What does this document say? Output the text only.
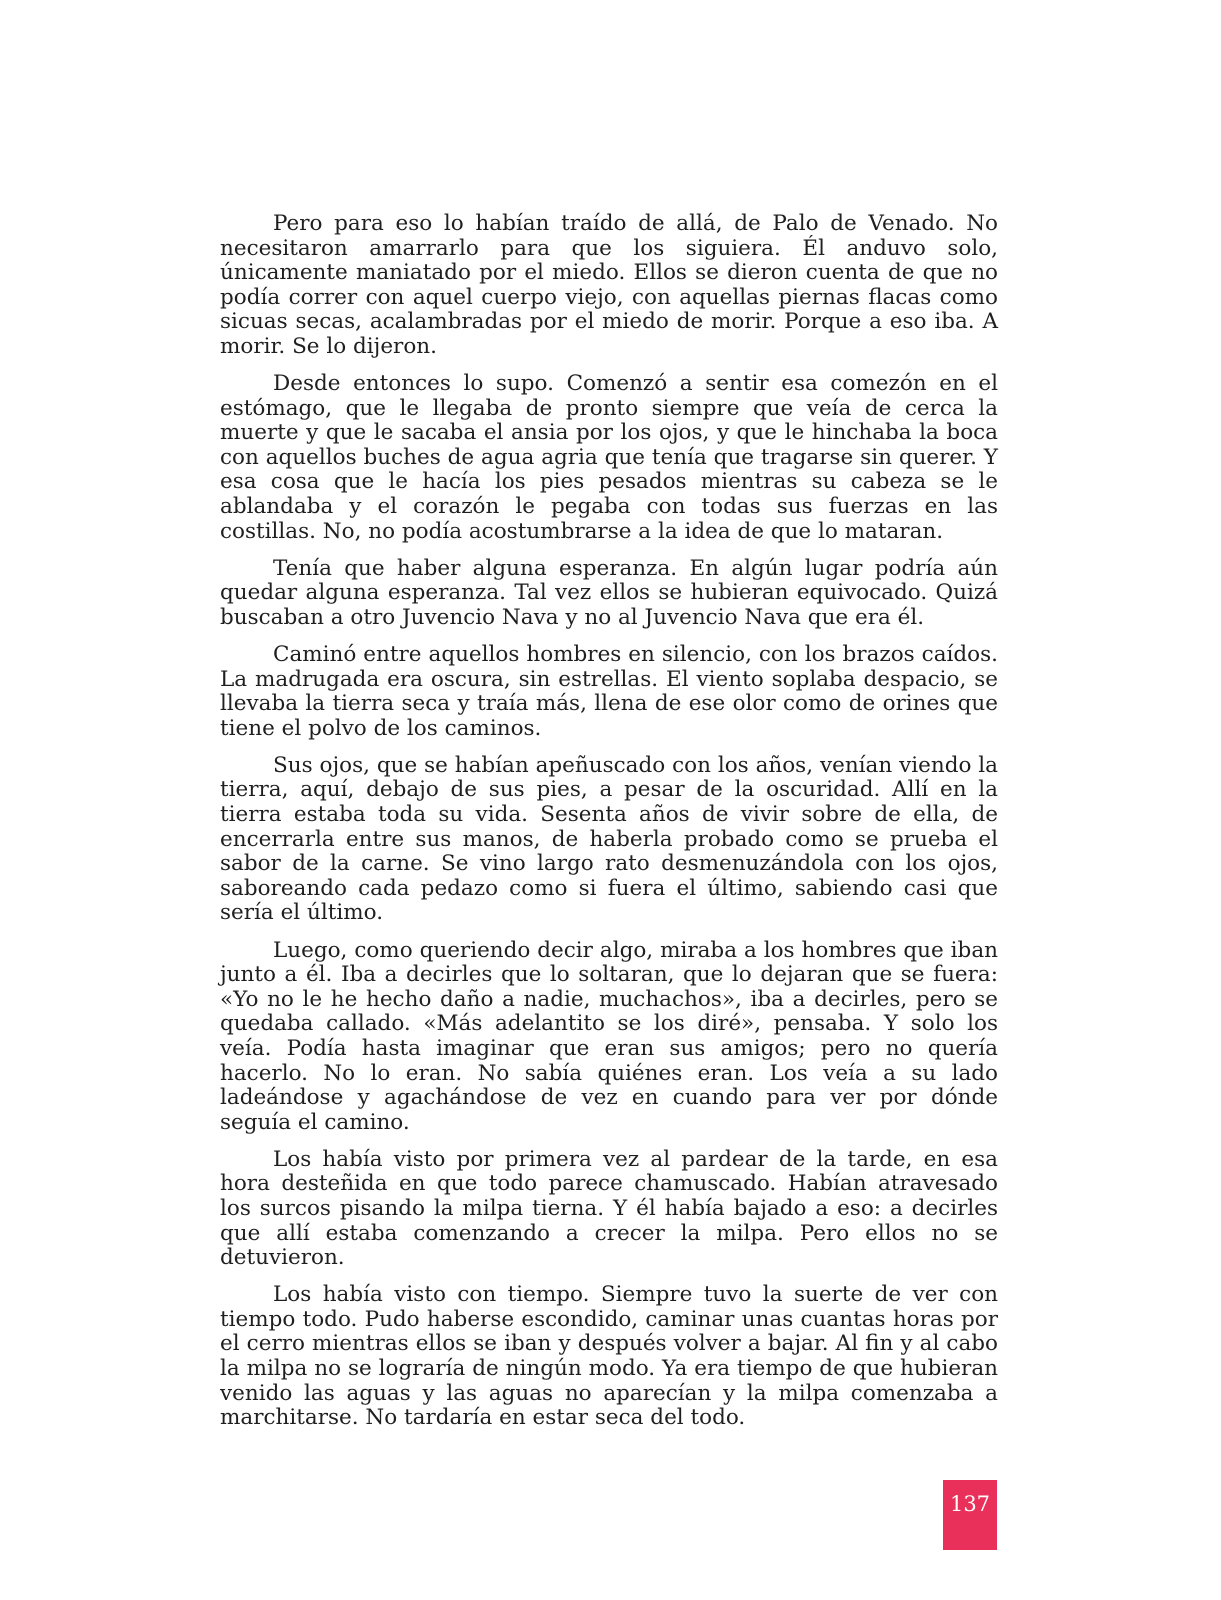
Pero para eso lo habían traído de allá, de Palo de Venado. No necesitaron amarrarlo para que los siguiera. Él anduvo solo, únicamente maniatado por el miedo. Ellos se dieron cuenta de que no podía correr con aquel cuerpo viejo, con aquellas piernas flacas como sicuas secas, acalambradas por el miedo de morir. Porque a eso iba. A morir. Se lo dijeron.

Desde entonces lo supo. Comenzó a sentir esa comezón en el estómago, que le llegaba de pronto siempre que veía de cerca la muerte y que le sacaba el ansia por los ojos, y que le hinchaba la boca con aquellos buches de agua agria que tenía que tragarse sin querer. Y esa cosa que le hacía los pies pesados mientras su cabeza se le ablandaba y el corazón le pegaba con todas sus fuerzas en las costillas. No, no podía acostumbrarse a la idea de que lo mataran.

Tenía que haber alguna esperanza. En algún lugar podría aún quedar alguna esperanza. Tal vez ellos se hubieran equivocado. Quizá buscaban a otro Juvencio Nava y no al Juvencio Nava que era él.

Caminó entre aquellos hombres en silencio, con los brazos caídos. La madrugada era oscura, sin estrellas. El viento soplaba despacio, se llevaba la tierra seca y traía más, llena de ese olor como de orines que tiene el polvo de los caminos.

Sus ojos, que se habían apeñuscado con los años, venían viendo la tierra, aquí, debajo de sus pies, a pesar de la oscuridad. Allí en la tierra estaba toda su vida. Sesenta años de vivir sobre de ella, de encerrarla entre sus manos, de haberla probado como se prueba el sabor de la carne. Se vino largo rato desmenuzándola con los ojos, saboreando cada pedazo como si fuera el último, sabiendo casi que sería el último.

Luego, como queriendo decir algo, miraba a los hombres que iban junto a él. Iba a decirles que lo soltaran, que lo dejaran que se fuera: «Yo no le he hecho daño a nadie, muchachos», iba a decirles, pero se quedaba callado. «Más adelantito se los diré», pensaba. Y solo los veía. Podía hasta imaginar que eran sus amigos; pero no quería hacerlo. No lo eran. No sabía quiénes eran. Los veía a su lado ladeándose y agachándose de vez en cuando para ver por dónde seguía el camino.

Los había visto por primera vez al pardear de la tarde, en esa hora desteñida en que todo parece chamuscado. Habían atravesado los surcos pisando la milpa tierna. Y él había bajado a eso: a decirles que allí estaba comenzando a crecer la milpa. Pero ellos no se detuvieron.

Los había visto con tiempo. Siempre tuvo la suerte de ver con tiempo todo. Pudo haberse escondido, caminar unas cuantas horas por el cerro mientras ellos se iban y después volver a bajar. Al fin y al cabo la milpa no se lograría de ningún modo. Ya era tiempo de que hubieran venido las aguas y las aguas no aparecían y la milpa comenzaba a marchitarse. No tardaría en estar seca del todo.

137
